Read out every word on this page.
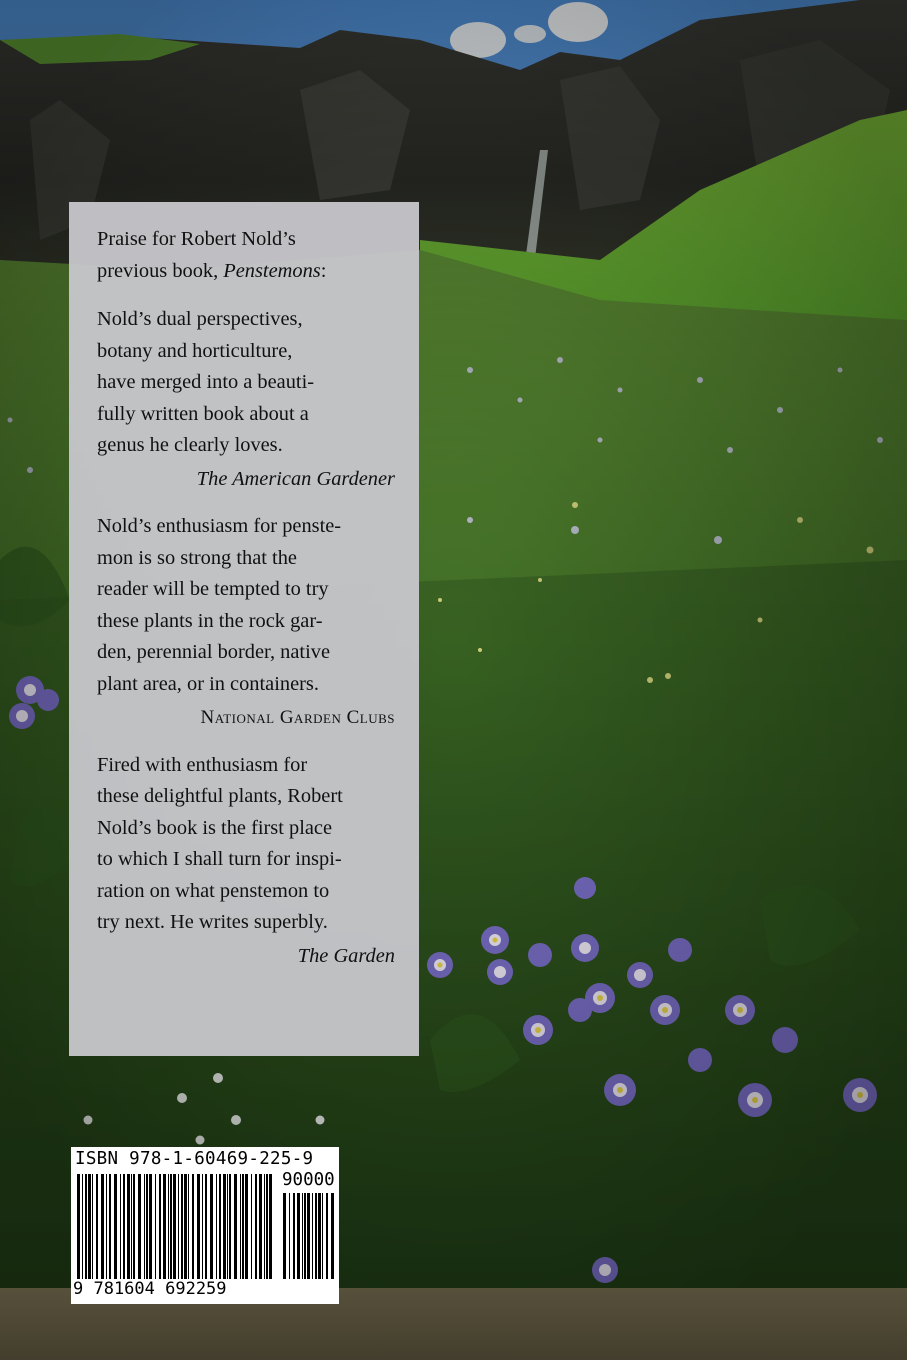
Praise for Robert Nold’s
previous book, Penstemons:

Nold’s dual perspectives,
botany and horticulture,
have merged into a beauti-
fully written book about a
genus he clearly loves.

The American Gardener

Nold’s enthusiasm for penste-
mon is so strong that the
reader will be tempted to try
these plants in the rock gar-
den, perennial border, native
plant area, or in containers.

National Garden Clubs

Fired with enthusiasm for
these delightful plants, Robert
Nold’s book is the first place
to which I shall turn for inspi-
ration on what penstemon to
try next. He writes superbly.

The Garden

ISBN 978-1-60469-225-9
90000
9 781604 692259
